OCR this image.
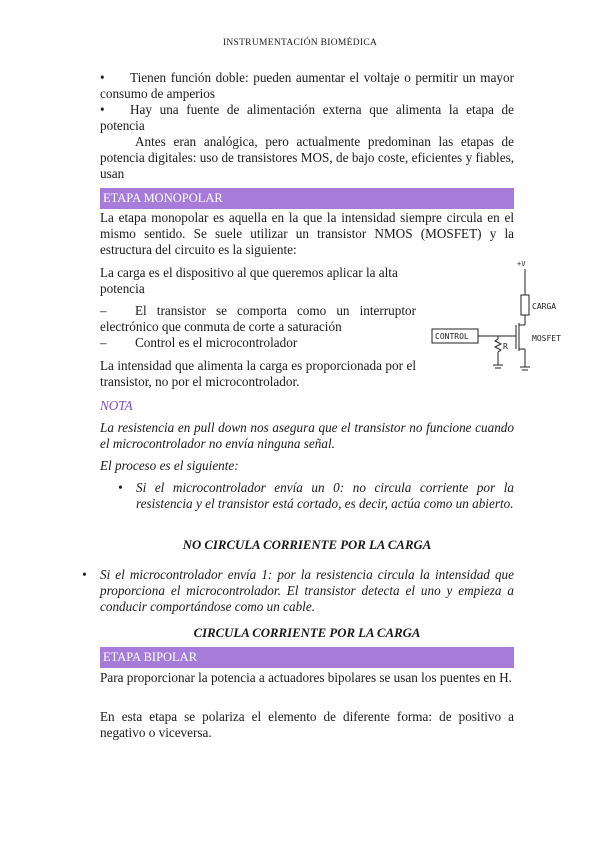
INSTRUMENTACIÓN BIOMÉDICA
• Tienen función doble: pueden aumentar el voltaje o permitir un mayor consumo de amperios
• Hay una fuente de alimentación externa que alimenta la etapa de potencia
Antes eran analógica, pero actualmente predominan las etapas de potencia digitales: uso de transistores MOS, de bajo coste, eficientes y fiables, usan
ETAPA MONOPOLAR
La etapa monopolar es aquella en la que la intensidad siempre circula en el mismo sentido. Se suele utilizar un transistor NMOS (MOSFET) y la estructura del circuito es la siguiente:
La carga es el dispositivo al que queremos aplicar la alta potencia
– El transistor se comporta como un interruptor electrónico que conmuta de corte a saturación
– Control es el microcontrolador
La intensidad que alimenta la carga es proporcionada por el transistor, no por el microcontrolador.
+V
CARGA
CONTROL
R
MOSFET
NOTA
La resistencia en pull down nos asegura que el transistor no funcione cuando el microcontrolador no envía ninguna señal.
El proceso es el siguiente:
• Si el microcontrolador envía un 0: no circula corriente por la resistencia y el transistor está cortado, es decir, actúa como un abierto.
NO CIRCULA CORRIENTE POR LA CARGA
• Si el microcontrolador envía 1: por la resistencia circula la intensidad que proporciona el microcontrolador. El transistor detecta el uno y empieza a conducir comportándose como un cable.
CIRCULA CORRIENTE POR LA CARGA
ETAPA BIPOLAR
Para proporcionar la potencia a actuadores bipolares se usan los puentes en H.
En esta etapa se polariza el elemento de diferente forma: de positivo a negativo o viceversa.
